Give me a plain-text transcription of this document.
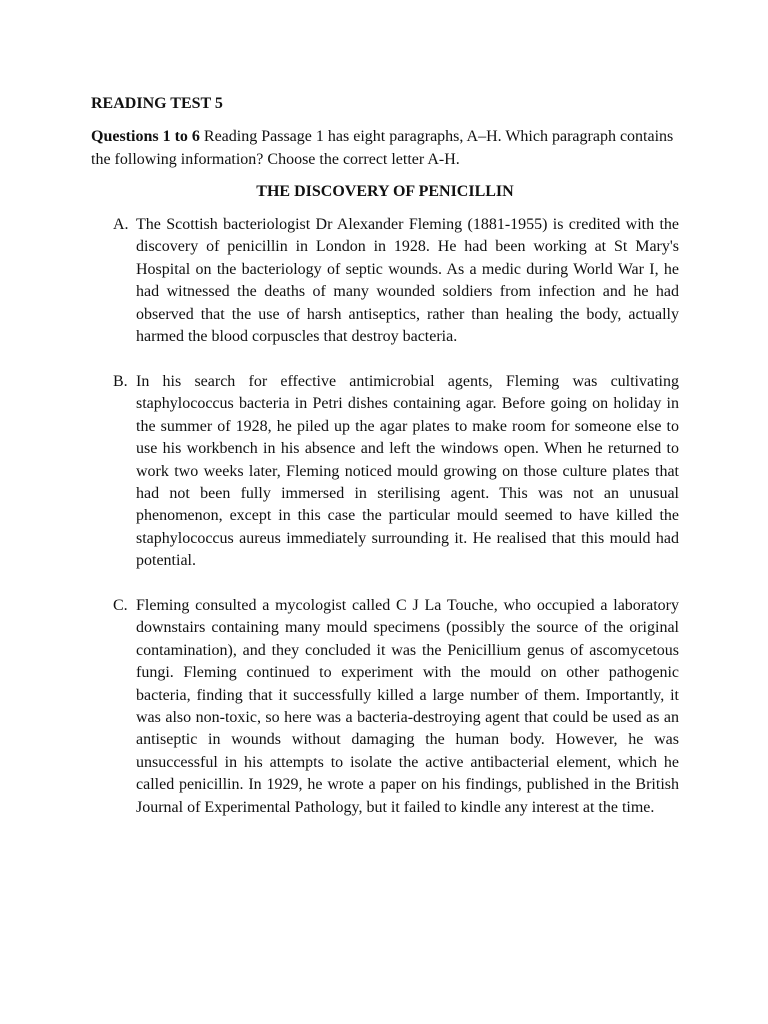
READING TEST 5
Questions 1 to 6 Reading Passage 1 has eight paragraphs, A–H. Which paragraph contains the following information? Choose the correct letter A-H.
THE DISCOVERY OF PENICILLIN
A. The Scottish bacteriologist Dr Alexander Fleming (1881-1955) is credited with the discovery of penicillin in London in 1928. He had been working at St Mary's Hospital on the bacteriology of septic wounds. As a medic during World War I, he had witnessed the deaths of many wounded soldiers from infection and he had observed that the use of harsh antiseptics, rather than healing the body, actually harmed the blood corpuscles that destroy bacteria.
B. In his search for effective antimicrobial agents, Fleming was cultivating staphylococcus bacteria in Petri dishes containing agar. Before going on holiday in the summer of 1928, he piled up the agar plates to make room for someone else to use his workbench in his absence and left the windows open. When he returned to work two weeks later, Fleming noticed mould growing on those culture plates that had not been fully immersed in sterilising agent. This was not an unusual phenomenon, except in this case the particular mould seemed to have killed the staphylococcus aureus immediately surrounding it. He realised that this mould had potential.
C. Fleming consulted a mycologist called C J La Touche, who occupied a laboratory downstairs containing many mould specimens (possibly the source of the original contamination), and they concluded it was the Penicillium genus of ascomycetous fungi. Fleming continued to experiment with the mould on other pathogenic bacteria, finding that it successfully killed a large number of them. Importantly, it was also non-toxic, so here was a bacteria-destroying agent that could be used as an antiseptic in wounds without damaging the human body. However, he was unsuccessful in his attempts to isolate the active antibacterial element, which he called penicillin. In 1929, he wrote a paper on his findings, published in the British Journal of Experimental Pathology, but it failed to kindle any interest at the time.
